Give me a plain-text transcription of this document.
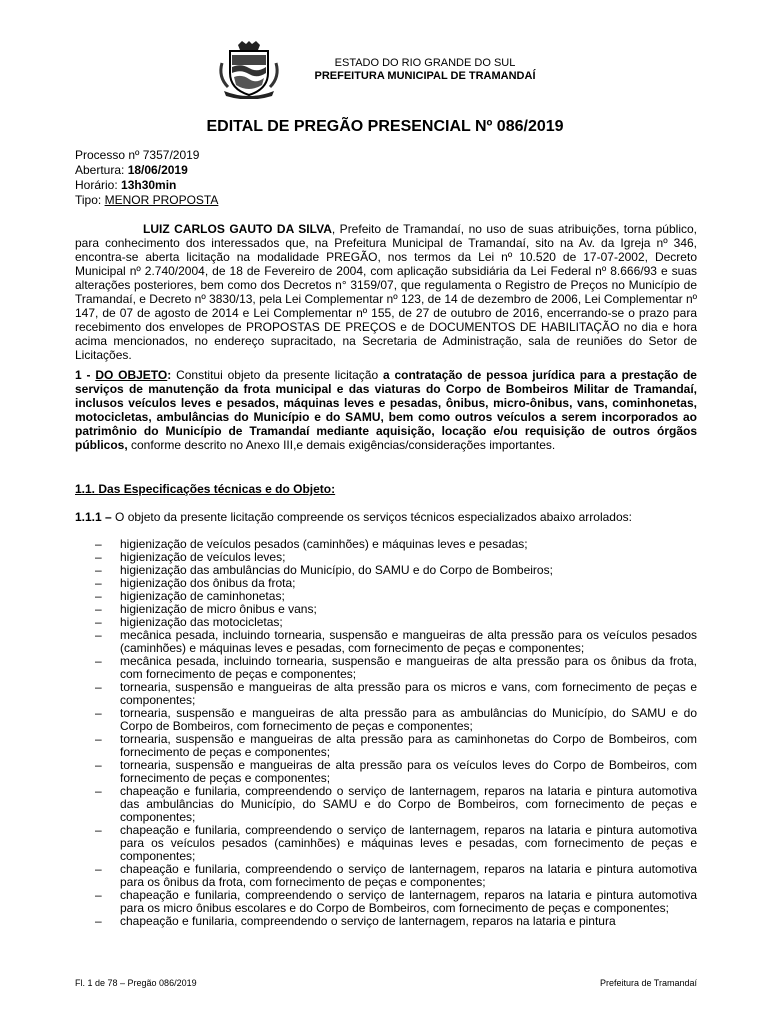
ESTADO DO RIO GRANDE DO SUL
PREFEITURA MUNICIPAL DE TRAMANDAÍ
EDITAL DE PREGÃO PRESENCIAL Nº 086/2019
Processo nº 7357/2019
Abertura: 18/06/2019
Horário: 13h30min
Tipo: MENOR PROPOSTA
LUIZ CARLOS GAUTO DA SILVA, Prefeito de Tramandaí, no uso de suas atribuições, torna público, para conhecimento dos interessados que, na Prefeitura Municipal de Tramandaí, sito na Av. da Igreja nº 346, encontra-se aberta licitação na modalidade PREGÃO, nos termos da Lei nº 10.520 de 17-07-2002, Decreto Municipal nº 2.740/2004, de 18 de Fevereiro de 2004, com aplicação subsidiária da Lei Federal nº 8.666/93 e suas alterações posteriores, bem como dos Decretos n° 3159/07, que regulamenta o Registro de Preços no Município de Tramandaí, e Decreto nº 3830/13, pela Lei Complementar nº 123, de 14 de dezembro de 2006, Lei Complementar nº 147, de 07 de agosto de 2014 e Lei Complementar nº 155, de 27 de outubro de 2016, encerrando-se o prazo para recebimento dos envelopes de PROPOSTAS DE PREÇOS e de DOCUMENTOS DE HABILITAÇÃO no dia e hora acima mencionados, no endereço supracitado, na Secretaria de Administração, sala de reuniões do Setor de Licitações.
1 - DO OBJETO: Constitui objeto da presente licitação a contratação de pessoa jurídica para a prestação de serviços de manutenção da frota municipal e das viaturas do Corpo de Bombeiros Militar de Tramandaí, inclusos veículos leves e pesados, máquinas leves e pesadas, ônibus, micro-ônibus, vans, cominhonetas, motocicletas, ambulâncias do Município e do SAMU, bem como outros veículos a serem incorporados ao patrimônio do Município de Tramandaí mediante aquisição, locação e/ou requisição de outros órgãos públicos, conforme descrito no Anexo III,e demais exigências/considerações importantes.
1.1. Das Especificações técnicas e do Objeto:
1.1.1 – O objeto da presente licitação compreende os serviços técnicos especializados abaixo arrolados:
– higienização de veículos pesados (caminhões) e máquinas leves e pesadas;
– higienização de veículos leves;
– higienização das ambulâncias do Município, do SAMU e do Corpo de Bombeiros;
– higienização dos ônibus da frota;
– higienização de caminhonetas;
– higienização de micro ônibus e vans;
– higienização das motocicletas;
– mecânica pesada, incluindo tornearia, suspensão e mangueiras de alta pressão para os veículos pesados (caminhões) e máquinas leves e pesadas, com fornecimento de peças e componentes;
– mecânica pesada, incluindo tornearia, suspensão e mangueiras de alta pressão para os ônibus da frota, com fornecimento de peças e componentes;
– tornearia, suspensão e mangueiras de alta pressão para os micros e vans, com fornecimento de peças e componentes;
– tornearia, suspensão e mangueiras de alta pressão para as ambulâncias do Município, do SAMU e do Corpo de Bombeiros, com fornecimento de peças e componentes;
– tornearia, suspensão e mangueiras de alta pressão para as caminhonetas do Corpo de Bombeiros, com fornecimento de peças e componentes;
– tornearia, suspensão e mangueiras de alta pressão para os veículos leves do Corpo de Bombeiros, com fornecimento de peças e componentes;
– chapeação e funilaria, compreendendo o serviço de lanternagem, reparos na lataria e pintura automotiva das ambulâncias do Município, do SAMU e do Corpo de Bombeiros, com fornecimento de peças e componentes;
– chapeação e funilaria, compreendendo o serviço de lanternagem, reparos na lataria e pintura automotiva para os veículos pesados (caminhões) e máquinas leves e pesadas, com fornecimento de peças e componentes;
– chapeação e funilaria, compreendendo o serviço de lanternagem, reparos na lataria e pintura automotiva para os ônibus da frota, com fornecimento de peças e componentes;
– chapeação e funilaria, compreendendo o serviço de lanternagem, reparos na lataria e pintura automotiva para os micro ônibus escolares e do Corpo de Bombeiros, com fornecimento de peças e componentes;
– chapeação e funilaria, compreendendo o serviço de lanternagem, reparos na lataria e pintura
Fl. 1 de 78 – Pregão 086/2019	Prefeitura de Tramandaí
